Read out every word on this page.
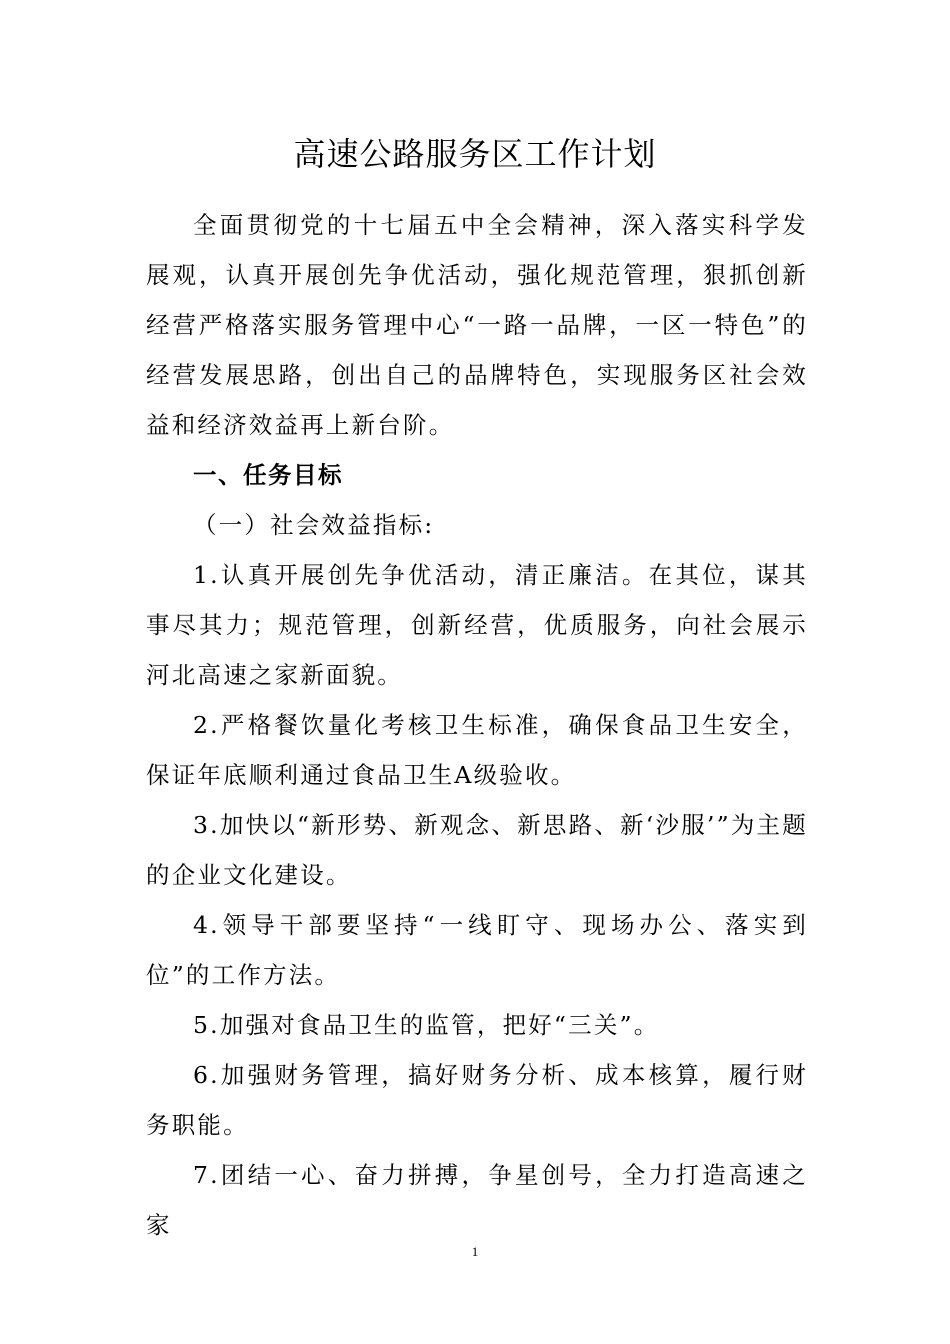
高速公路服务区工作计划

全面贯彻党的十七届五中全会精神，深入落实科学发展观，认真开展创先争优活动，强化规范管理，狠抓创新经营严格落实服务管理中心“一路一品牌，一区一特色”的经营发展思路，创出自己的品牌特色，实现服务区社会效益和经济效益再上新台阶。

一、任务目标

（一）社会效益指标:

1.认真开展创先争优活动，清正廉洁。在其位，谋其事尽其力；规范管理，创新经营，优质服务，向社会展示河北高速之家新面貌。

2.严格餐饮量化考核卫生标准，确保食品卫生安全，保证年底顺利通过食品卫生A级验收。

3.加快以“新形势、新观念、新思路、新‘沙服’”为主题的企业文化建设。

4.领导干部要坚持“一线盯守、现场办公、落实到位”的工作方法。

5.加强对食品卫生的监管，把好“三关”。

6.加强财务管理，搞好财务分析、成本核算，履行财务职能。

7.团结一心、奋力拼搏，争星创号，全力打造高速之家

1
